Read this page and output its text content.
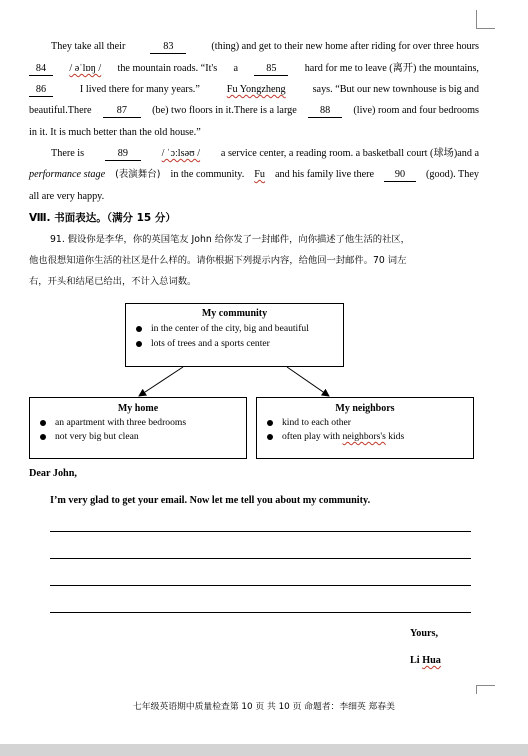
They take all their	83	(thing) and get to their new home after riding for over three hours
84	/ əˈlɒŋ / the mountain roads. “It's a	85	hard for me to leave (离开) the mountains,
86	I lived there for many years.”	Fu Yongzheng	says. “But our new townhouse is big and
beautiful.There	87	(be) two floors in it.There is a large	88	(live) room and four bedrooms
in it. It is much better than the old house.”
There is	89	/ ˈɔːlsəʊ / a service center, a reading room. a basketball court (球场)and a
performance stage (表演舞台) in the community. Fu and his family live there	90	(good). They
all are very happy.
Ⅷ. 书面表达。（满分 15 分）
91. 假设你是李华，你的英国笔友 John 给你发了一封邮件，向你描述了他生活的社区，
他也很想知道你生活的社区是什么样的。请你根据下列提示内容，给他回一封邮件。70 词左
右，开头和结尾已给出，不计入总词数。
My community
in the center of the city, big and beautiful
lots of trees and a sports center
My home
an apartment with three bedrooms
not very big but clean
My neighbors
kind to each other
often play with
neighbors's
kids
Dear John,
I’m very glad to get your email. Now let me tell you about my community.
Yours,
Li Hua
七年级英语期中质量检查第 10 页 共 10 页 命题者：李细英 郑春美
